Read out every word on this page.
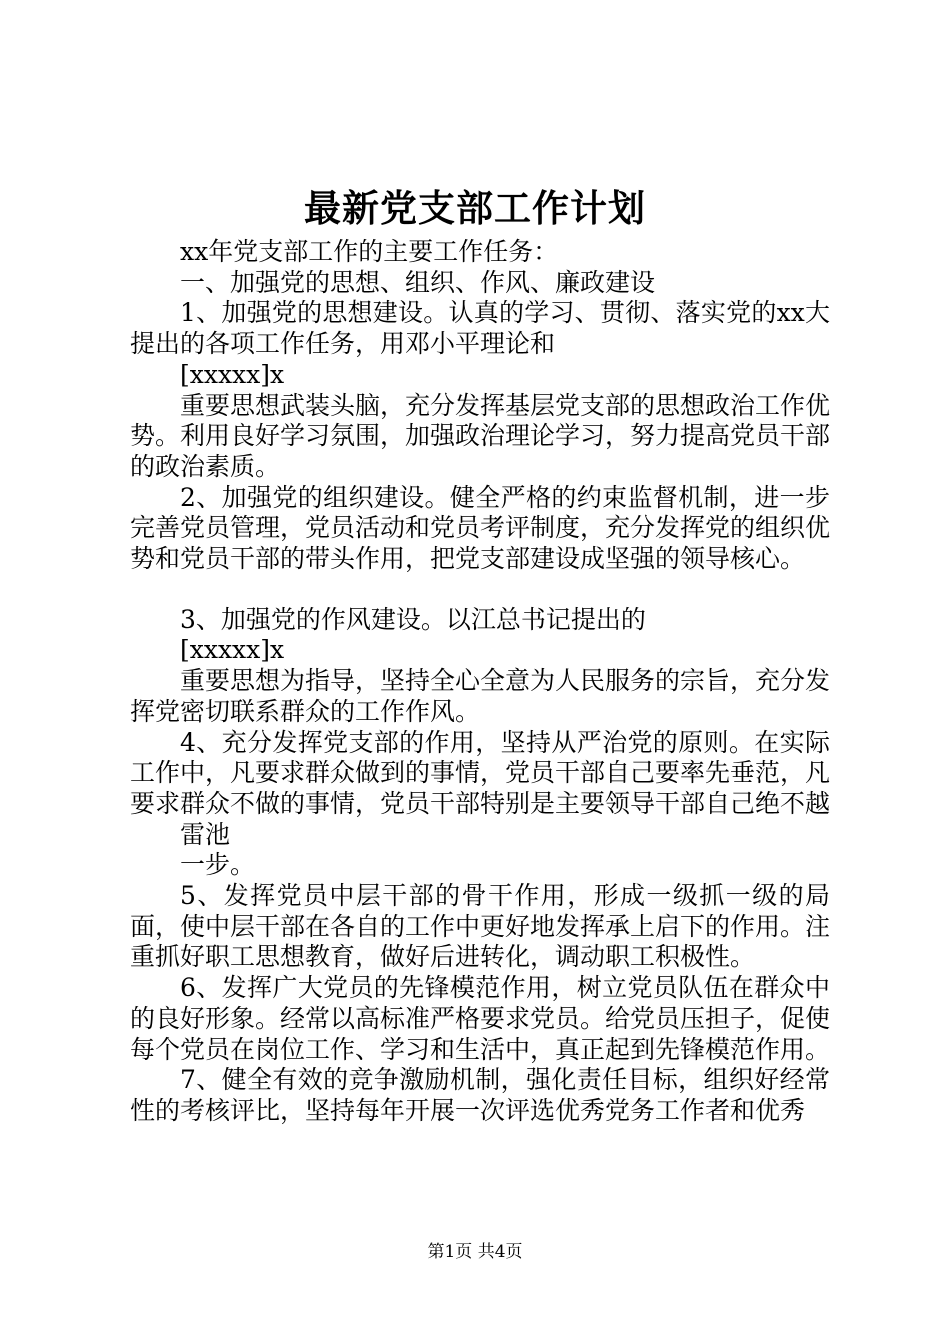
最新党支部工作计划

xx年党支部工作的主要工作任务：

一、加强党的思想、组织、作风、廉政建设

1、加强党的思想建设。认真的学习、贯彻、落实党的xx大提出的各项工作任务，用邓小平理论和

[xxxxx]x

重要思想武装头脑，充分发挥基层党支部的思想政治工作优势。利用良好学习氛围，加强政治理论学习，努力提高党员干部的政治素质。

2、加强党的组织建设。健全严格的约束监督机制，进一步完善党员管理，党员活动和党员考评制度，充分发挥党的组织优势和党员干部的带头作用，把党支部建设成坚强的领导核心。

3、加强党的作风建设。以江总书记提出的

[xxxxx]x

重要思想为指导，坚持全心全意为人民服务的宗旨，充分发挥党密切联系群众的工作作风。

4、充分发挥党支部的作用，坚持从严治党的原则。在实际工作中，凡要求群众做到的事情，党员干部自己要率先垂范，凡要求群众不做的事情，党员干部特别是主要领导干部自己绝不越

雷池

一步。

5、发挥党员中层干部的骨干作用，形成一级抓一级的局面，使中层干部在各自的工作中更好地发挥承上启下的作用。注重抓好职工思想教育，做好后进转化，调动职工积极性。

6、发挥广大党员的先锋模范作用，树立党员队伍在群众中的良好形象。经常以高标准严格要求党员。给党员压担子，促使每个党员在岗位工作、学习和生活中，真正起到先锋模范作用。

7、健全有效的竞争激励机制，强化责任目标，组织好经常性的考核评比，坚持每年开展一次评选优秀党务工作者和优秀

第1页 共4页
